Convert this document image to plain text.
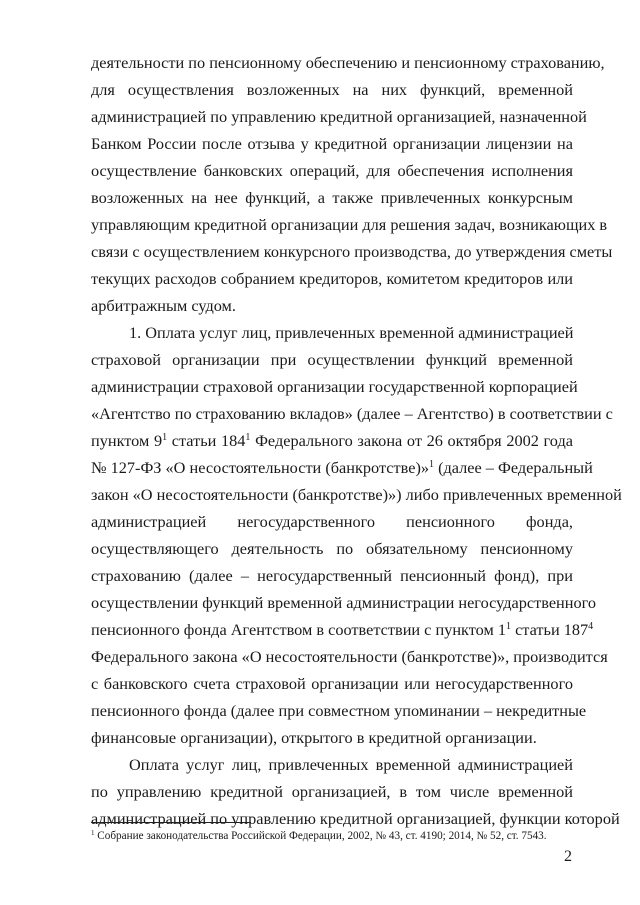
деятельности по пенсионному обеспечению и пенсионному страхованию,
для осуществления возложенных на них функций, временной
администрацией по управлению кредитной организацией, назначенной
Банком России после отзыва у кредитной организации лицензии на
осуществление банковских операций, для обеспечения исполнения
возложенных на нее функций, а также привлеченных конкурсным
управляющим кредитной организации для решения задач, возникающих в
связи с осуществлением конкурсного производства, до утверждения сметы
текущих расходов собранием кредиторов, комитетом кредиторов или
арбитражным судом.
1. Оплата услуг лиц, привлеченных временной администрацией
страховой организации при осуществлении функций временной
администрации страховой организации государственной корпорацией
«Агентство по страхованию вкладов» (далее – Агентство) в соответствии с
пунктом $9^1$ статьи $184^1$ Федерального закона от 26 октября 2002 года
№ 127-ФЗ «О несостоятельности (банкротстве)»$^1$ (далее – Федеральный
закон «О несостоятельности (банкротстве)») либо привлеченных временной
администрацией негосударственного пенсионного фонда,
осуществляющего деятельность по обязательному пенсионному
страхованию (далее – негосударственный пенсионный фонд), при
осуществлении функций временной администрации негосударственного
пенсионного фонда Агентством в соответствии с пунктом $1^1$ статьи $187^4$
Федерального закона «О несостоятельности (банкротстве)», производится
с банковского счета страховой организации или негосударственного
пенсионного фонда (далее при совместном упоминании – некредитные
финансовые организации), открытого в кредитной организации.
Оплата услуг лиц, привлеченных временной администрацией
по управлению кредитной организацией, в том числе временной
администрацией по управлению кредитной организацией, функции которой
$^1$ Собрание законодательства Российской Федерации, 2002, № 43, ст. 4190; 2014, № 52, ст. 7543.
2
